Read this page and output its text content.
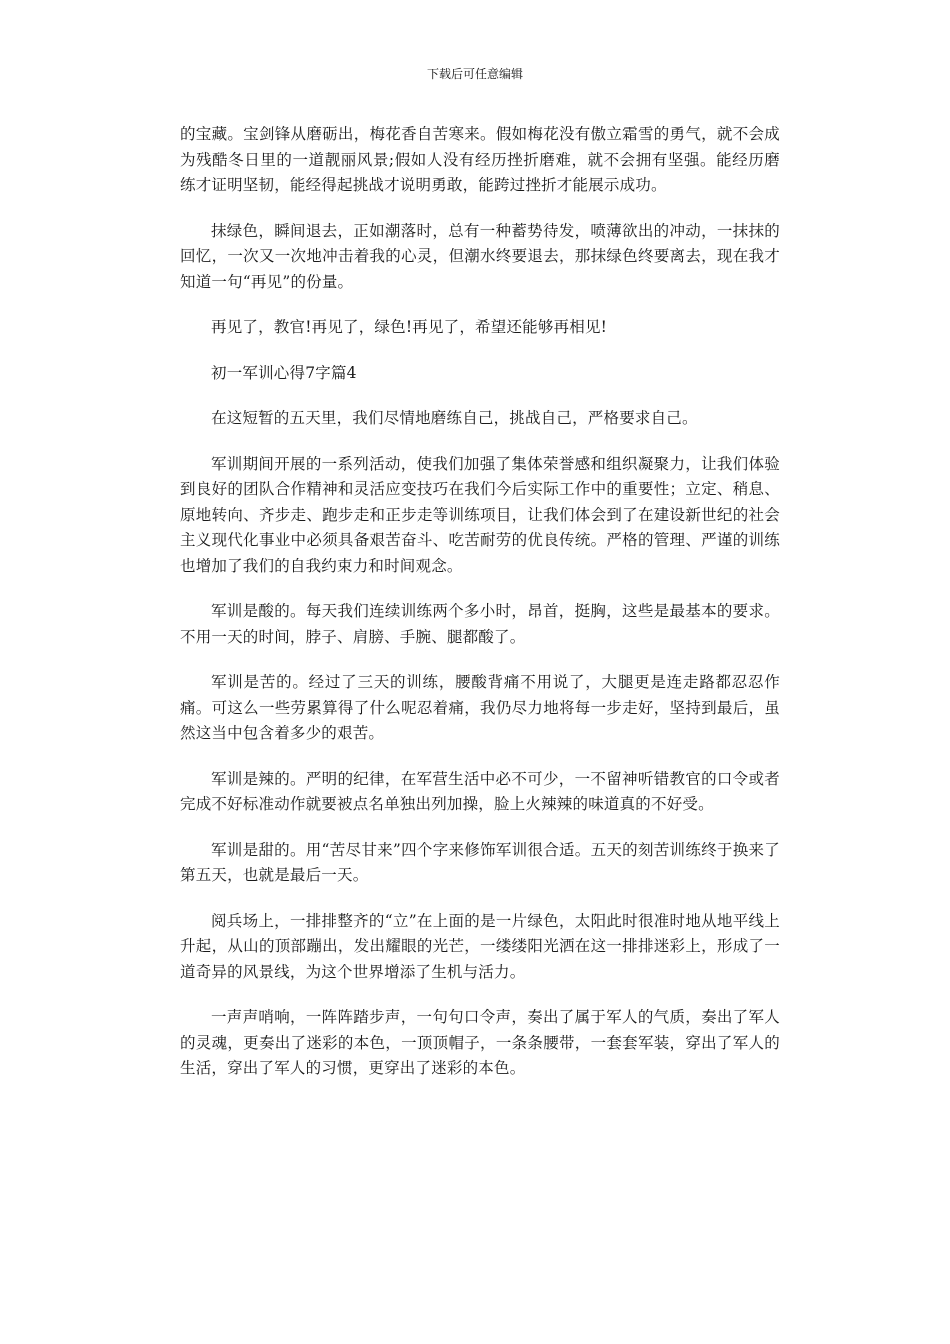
下载后可任意编辑

的宝藏。宝剑锋从磨砺出，梅花香自苦寒来。假如梅花没有傲立霜雪的勇气，就不会成为残酷冬日里的一道靓丽风景;假如人没有经历挫折磨难，就不会拥有坚强。能经历磨练才证明坚韧，能经得起挑战才说明勇敢，能跨过挫折才能展示成功。

抹绿色，瞬间退去，正如潮落时，总有一种蓄势待发，喷薄欲出的冲动，一抹抹的回忆，一次又一次地冲击着我的心灵，但潮水终要退去，那抹绿色终要离去，现在我才知道一句“再见”的份量。

再见了，教官!再见了，绿色!再见了，希望还能够再相见!

初一军训心得7字篇4

在这短暂的五天里，我们尽情地磨练自己，挑战自己，严格要求自己。

军训期间开展的一系列活动，使我们加强了集体荣誉感和组织凝聚力，让我们体验到良好的团队合作精神和灵活应变技巧在我们今后实际工作中的重要性；立定、稍息、原地转向、齐步走、跑步走和正步走等训练项目，让我们体会到了在建设新世纪的社会主义现代化事业中必须具备艰苦奋斗、吃苦耐劳的优良传统。严格的管理、严谨的训练也增加了我们的自我约束力和时间观念。

军训是酸的。每天我们连续训练两个多小时，昂首，挺胸，这些是最基本的要求。不用一天的时间，脖子、肩膀、手腕、腿都酸了。

军训是苦的。经过了三天的训练，腰酸背痛不用说了，大腿更是连走路都忍忍作痛。可这么一些劳累算得了什么呢忍着痛，我仍尽力地将每一步走好，坚持到最后，虽然这当中包含着多少的艰苦。

军训是辣的。严明的纪律，在军营生活中必不可少，一不留神听错教官的口令或者完成不好标准动作就要被点名单独出列加操，脸上火辣辣的味道真的不好受。

军训是甜的。用“苦尽甘来”四个字来修饰军训很合适。五天的刻苦训练终于换来了第五天，也就是最后一天。

阅兵场上，一排排整齐的“立”在上面的是一片绿色，太阳此时很准时地从地平线上升起，从山的顶部蹦出，发出耀眼的光芒，一缕缕阳光洒在这一排排迷彩上，形成了一道奇异的风景线，为这个世界增添了生机与活力。

一声声哨响，一阵阵踏步声，一句句口令声，奏出了属于军人的气质，奏出了军人的灵魂，更奏出了迷彩的本色，一顶顶帽子，一条条腰带，一套套军装，穿出了军人的生活，穿出了军人的习惯，更穿出了迷彩的本色。
